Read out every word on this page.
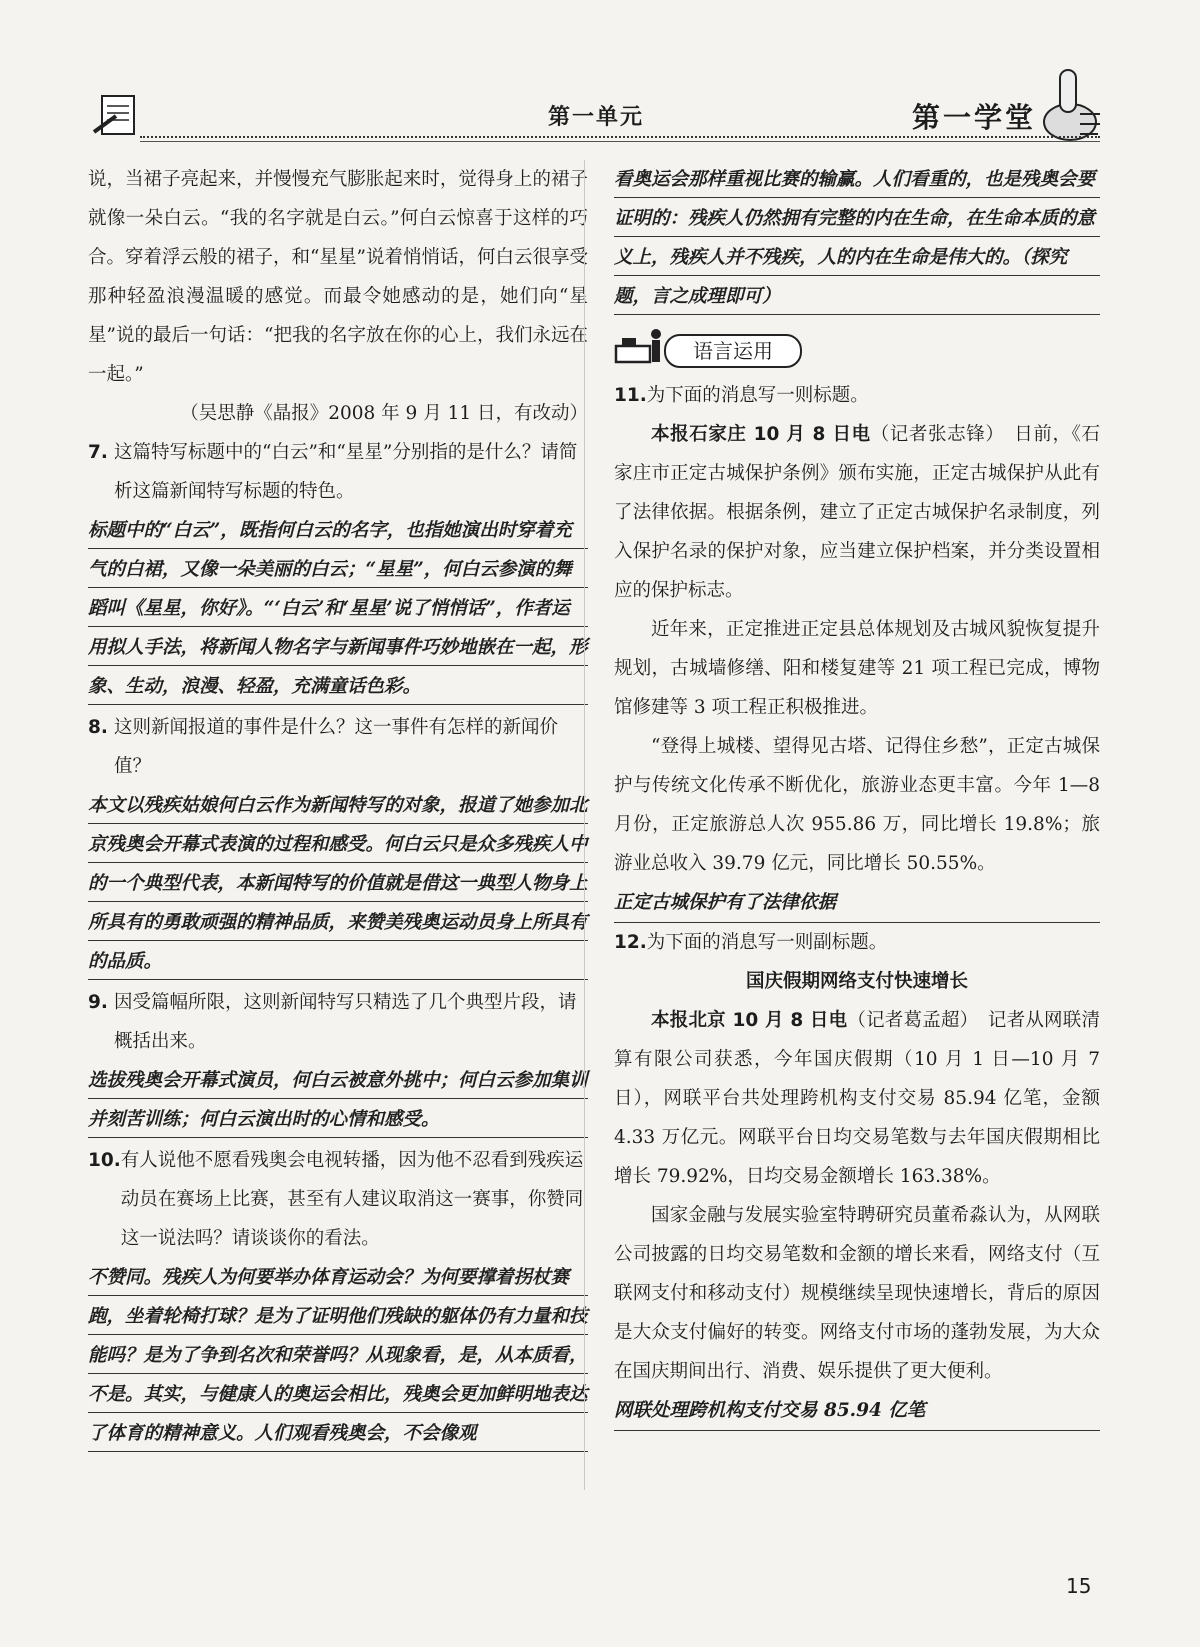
第一单元	第一学堂

说，当裙子亮起来，并慢慢充气膨胀起来时，觉得身上的裙子就像一朵白云。“我的名字就是白云。”何白云惊喜于这样的巧合。穿着浮云般的裙子，和“星星”说着悄悄话，何白云很享受那种轻盈浪漫温暖的感觉。而最令她感动的是，她们向“星星”说的最后一句话：“把我的名字放在你的心上，我们永远在一起。”

（吴思静《晶报》2008 年 9 月 11 日，有改动）

7. 这篇特写标题中的“白云”和“星星”分别指的是什么？请简析这篇新闻特写标题的特色。

标题中的“白云”，既指何白云的名字，也指她演出时穿着充气的白裙，又像一朵美丽的白云；“星星”，何白云参演的舞蹈叫《星星，你好》。“‘白云’和‘星星’说了悄悄话”，作者运用拟人手法，将新闻人物名字与新闻事件巧妙地嵌在一起，形象、生动，浪漫、轻盈，充满童话色彩。

8. 这则新闻报道的事件是什么？这一事件有怎样的新闻价值？

本文以残疾姑娘何白云作为新闻特写的对象，报道了她参加北京残奥会开幕式表演的过程和感受。何白云只是众多残疾人中的一个典型代表，本新闻特写的价值就是借这一典型人物身上所具有的勇敢顽强的精神品质，来赞美残奥运动员身上所具有的品质。

9. 因受篇幅所限，这则新闻特写只精选了几个典型片段，请概括出来。

选拔残奥会开幕式演员，何白云被意外挑中；何白云参加集训并刻苦训练；何白云演出时的心情和感受。

10. 有人说他不愿看残奥会电视转播，因为他不忍看到残疾运动员在赛场上比赛，甚至有人建议取消这一赛事，你赞同这一说法吗？请谈谈你的看法。

不赞同。残疾人为何要举办体育运动会？为何要撑着拐杖赛跑，坐着轮椅打球？是为了证明他们残缺的躯体仍有力量和技能吗？是为了争到名次和荣誉吗？从现象看，是，从本质看，不是。其实，与健康人的奥运会相比，残奥会更加鲜明地表达了体育的精神意义。人们观看残奥会，不会像观

看奥运会那样重视比赛的输赢。人们看重的，也是残奥会要证明的：残疾人仍然拥有完整的内在生命，在生命本质的意义上，残疾人并不残疾，人的内在生命是伟大的。（探究题，言之成理即可）

语言运用
11. 为下面的消息写一则标题。

本报石家庄 10 月 8 日电（记者张志锋）　日前，《石家庄市正定古城保护条例》颁布实施，正定古城保护从此有了法律依据。根据条例，建立了正定古城保护名录制度，列入保护名录的保护对象，应当建立保护档案，并分类设置相应的保护标志。

近年来，正定推进正定县总体规划及古城风貌恢复提升规划，古城墙修缮、阳和楼复建等 21 项工程已完成，博物馆修建等 3 项工程正积极推进。

“登得上城楼、望得见古塔、记得住乡愁”，正定古城保护与传统文化传承不断优化，旅游业态更丰富。今年 1—8 月份，正定旅游总人次 955.86 万，同比增长 19.8%；旅游业总收入 39.79 亿元，同比增长 50.55%。

正定古城保护有了法律依据

12. 为下面的消息写一则副标题。

国庆假期网络支付快速增长

本报北京 10 月 8 日电（记者葛孟超）　记者从网联清算有限公司获悉，今年国庆假期（10 月 1 日—10 月 7 日），网联平台共处理跨机构支付交易 85.94 亿笔，金额 4.33 万亿元。网联平台日均交易笔数与去年国庆假期相比增长 79.92%，日均交易金额增长 163.38%。

国家金融与发展实验室特聘研究员董希淼认为，从网联公司披露的日均交易笔数和金额的增长来看，网络支付（互联网支付和移动支付）规模继续呈现快速增长，背后的原因是大众支付偏好的转变。网络支付市场的蓬勃发展，为大众在国庆期间出行、消费、娱乐提供了更大便利。

网联处理跨机构支付交易 85.94 亿笔

15
